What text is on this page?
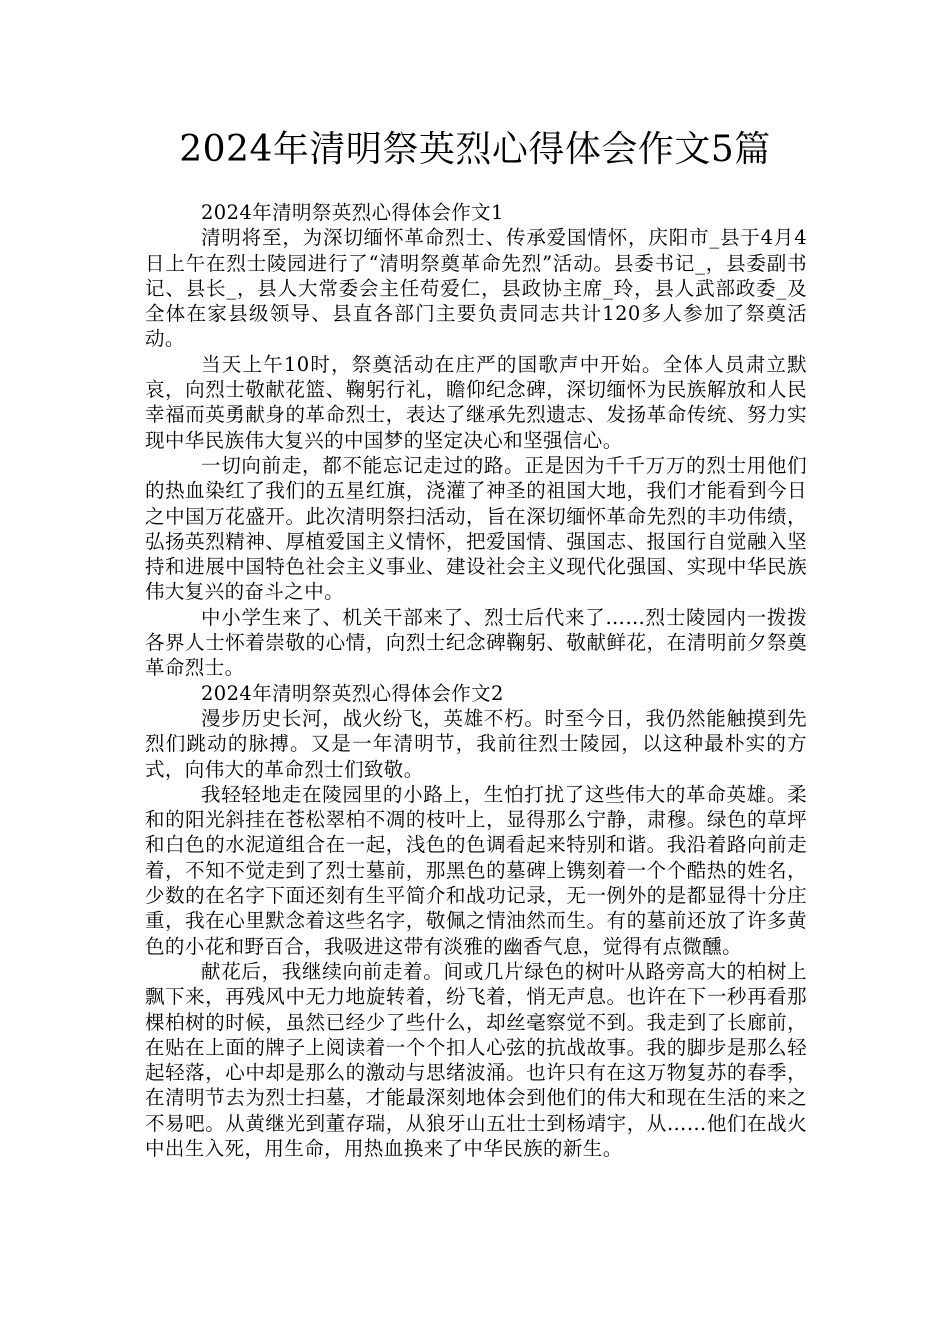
2024年清明祭英烈心得体会作文5篇

2024年清明祭英烈心得体会作文1

清明将至，为深切缅怀革命烈士、传承爱国情怀，庆阳市_县于4月4日上午在烈士陵园进行了“清明祭奠革命先烈”活动。县委书记_，县委副书记、县长_，县人大常委会主任苟爱仁，县政协主席_玲，县人武部政委_及全体在家县级领导、县直各部门主要负责同志共计120多人参加了祭奠活动。

当天上午10时，祭奠活动在庄严的国歌声中开始。全体人员肃立默哀，向烈士敬献花篮、鞠躬行礼，瞻仰纪念碑，深切缅怀为民族解放和人民幸福而英勇献身的革命烈士，表达了继承先烈遗志、发扬革命传统、努力实现中华民族伟大复兴的中国梦的坚定决心和坚强信心。

一切向前走，都不能忘记走过的路。正是因为千千万万的烈士用他们的热血染红了我们的五星红旗，浇灌了神圣的祖国大地，我们才能看到今日之中国万花盛开。此次清明祭扫活动，旨在深切缅怀革命先烈的丰功伟绩，弘扬英烈精神、厚植爱国主义情怀，把爱国情、强国志、报国行自觉融入坚持和进展中国特色社会主义事业、建设社会主义现代化强国、实现中华民族伟大复兴的奋斗之中。

中小学生来了、机关干部来了、烈士后代来了……烈士陵园内一拨拨各界人士怀着崇敬的心情，向烈士纪念碑鞠躬、敬献鲜花，在清明前夕祭奠革命烈士。

2024年清明祭英烈心得体会作文2

漫步历史长河，战火纷飞，英雄不朽。时至今日，我仍然能触摸到先烈们跳动的脉搏。又是一年清明节，我前往烈士陵园，以这种最朴实的方式，向伟大的革命烈士们致敬。

我轻轻地走在陵园里的小路上，生怕打扰了这些伟大的革命英雄。柔和的阳光斜挂在苍松翠柏不凋的枝叶上，显得那么宁静，肃穆。绿色的草坪和白色的水泥道组合在一起，浅色的色调看起来特别和谐。我沿着路向前走着，不知不觉走到了烈士墓前，那黑色的墓碑上镌刻着一个个酷热的姓名，少数的在名字下面还刻有生平简介和战功记录，无一例外的是都显得十分庄重，我在心里默念着这些名字，敬佩之情油然而生。有的墓前还放了许多黄色的小花和野百合，我吸进这带有淡雅的幽香气息，觉得有点微醺。

献花后，我继续向前走着。间或几片绿色的树叶从路旁高大的柏树上飘下来，再残风中无力地旋转着，纷飞着，悄无声息。也许在下一秒再看那棵柏树的时候，虽然已经少了些什么，却丝毫察觉不到。我走到了长廊前，在贴在上面的牌子上阅读着一个个扣人心弦的抗战故事。我的脚步是那么轻起轻落，心中却是那么的激动与思绪波涌。也许只有在这万物复苏的春季，在清明节去为烈士扫墓，才能最深刻地体会到他们的伟大和现在生活的来之不易吧。从黄继光到董存瑞，从狼牙山五壮士到杨靖宇，从……他们在战火中出生入死，用生命，用热血换来了中华民族的新生。
